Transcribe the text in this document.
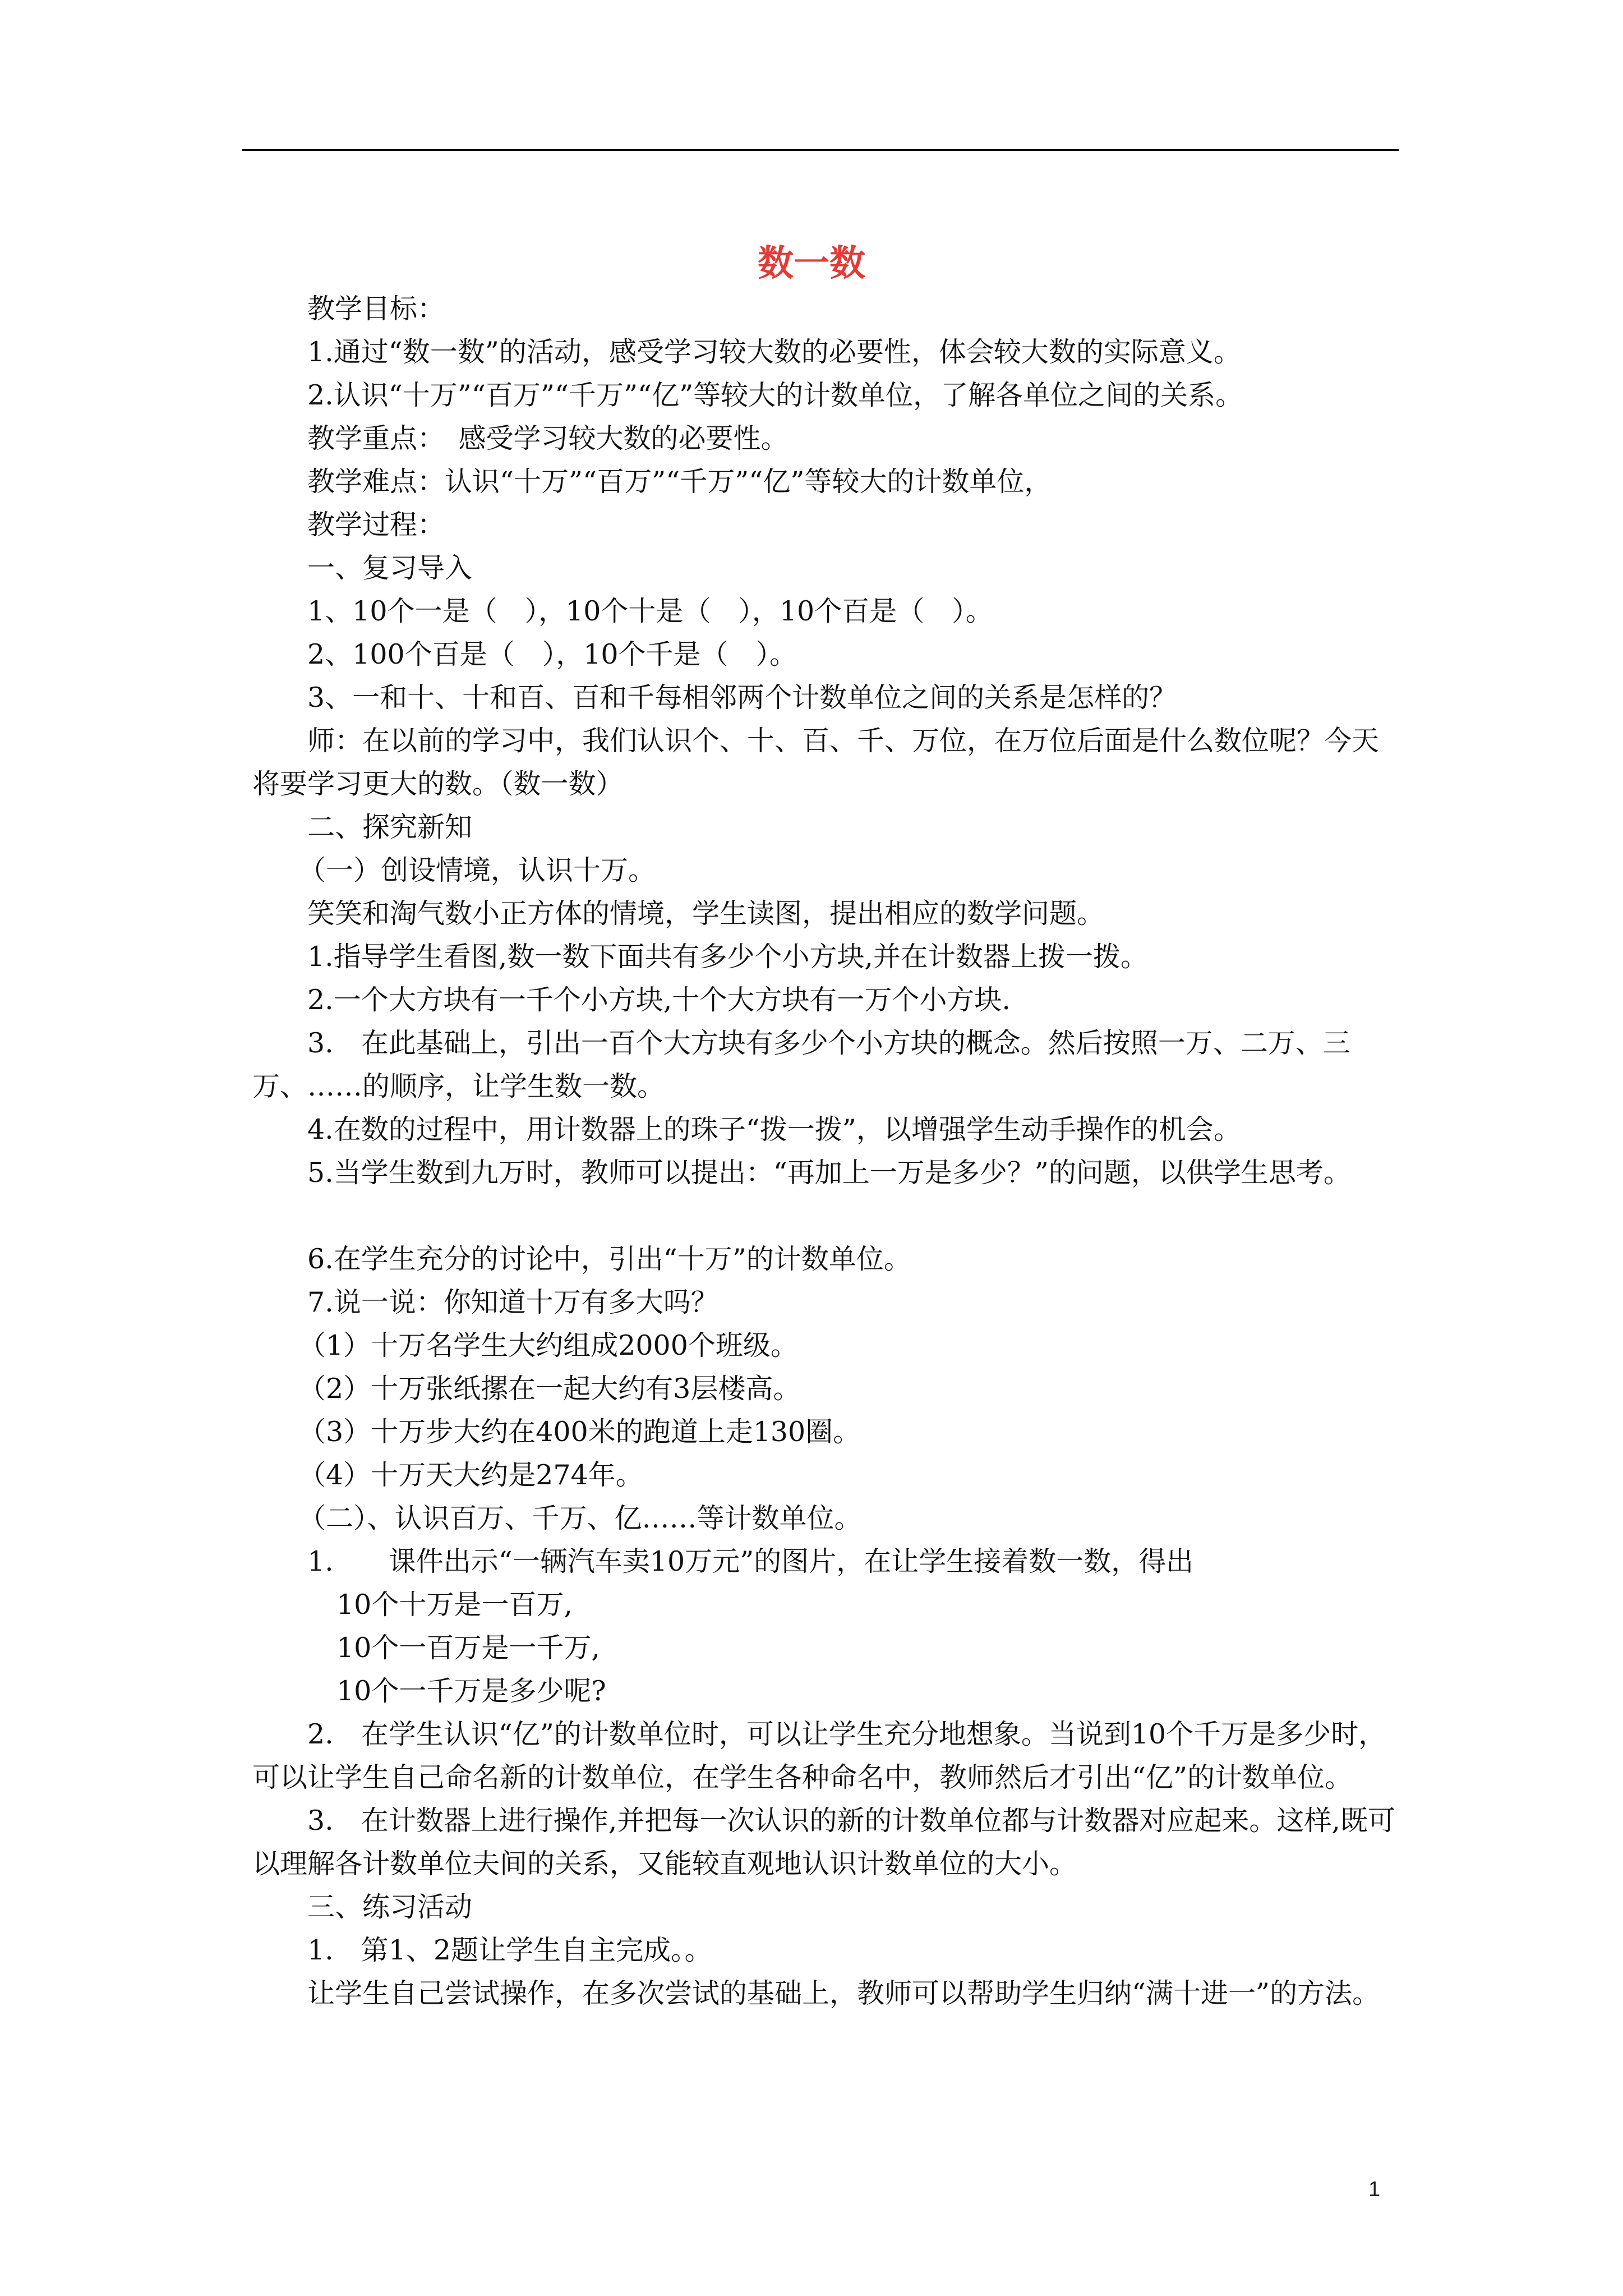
数一数

教学目标：

1.通过“数一数”的活动，感受学习较大数的必要性，体会较大数的实际意义。

2.认识“十万”“百万”“千万”“亿”等较大的计数单位，了解各单位之间的关系。

教学重点：　感受学习较大数的必要性。

教学难点：认识“十万”“百万”“千万”“亿”等较大的计数单位，

教学过程：

一、复习导入

1、10个一是（　），10个十是（　），10个百是（　）。

2、100个百是（　），10个千是（　）。

3、一和十、十和百、百和千每相邻两个计数单位之间的关系是怎样的？

师：在以前的学习中，我们认识个、十、百、千、万位，在万位后面是什么数位呢？今天将要学习更大的数。（数一数）

二、探究新知

（一）创设情境，认识十万。

笑笑和淘气数小正方体的情境，学生读图，提出相应的数学问题。

1.指导学生看图,数一数下面共有多少个小方块,并在计数器上拨一拨。

2.一个大方块有一千个小方块,十个大方块有一万个小方块.

3.　在此基础上，引出一百个大方块有多少个小方块的概念。然后按照一万、二万、三万、……的顺序，让学生数一数。

4.在数的过程中，用计数器上的珠子“拨一拨”，以增强学生动手操作的机会。

5.当学生数到九万时，教师可以提出：“再加上一万是多少？”的问题，以供学生思考。

6.在学生充分的讨论中，引出“十万”的计数单位。

7.说一说：你知道十万有多大吗？

（1）十万名学生大约组成2000个班级。

（2）十万张纸摞在一起大约有3层楼高。

（3）十万步大约在400米的跑道上走130圈。

（4）十万天大约是274年。

（二）、认识百万、千万、亿……等计数单位。

1.　　课件出示“一辆汽车卖10万元”的图片，在让学生接着数一数，得出

10个十万是一百万,

10个一百万是一千万,

10个一千万是多少呢?

2.　在学生认识“亿”的计数单位时，可以让学生充分地想象。当说到10个千万是多少时，可以让学生自己命名新的计数单位，在学生各种命名中，教师然后才引出“亿”的计数单位。

3.　在计数器上进行操作,并把每一次认识的新的计数单位都与计数器对应起来。这样,既可以理解各计数单位夫间的关系，又能较直观地认识计数单位的大小。

三、练习活动

1.　第1、2题让学生自主完成。。

让学生自己尝试操作，在多次尝试的基础上，教师可以帮助学生归纳“满十进一”的方法。

1
